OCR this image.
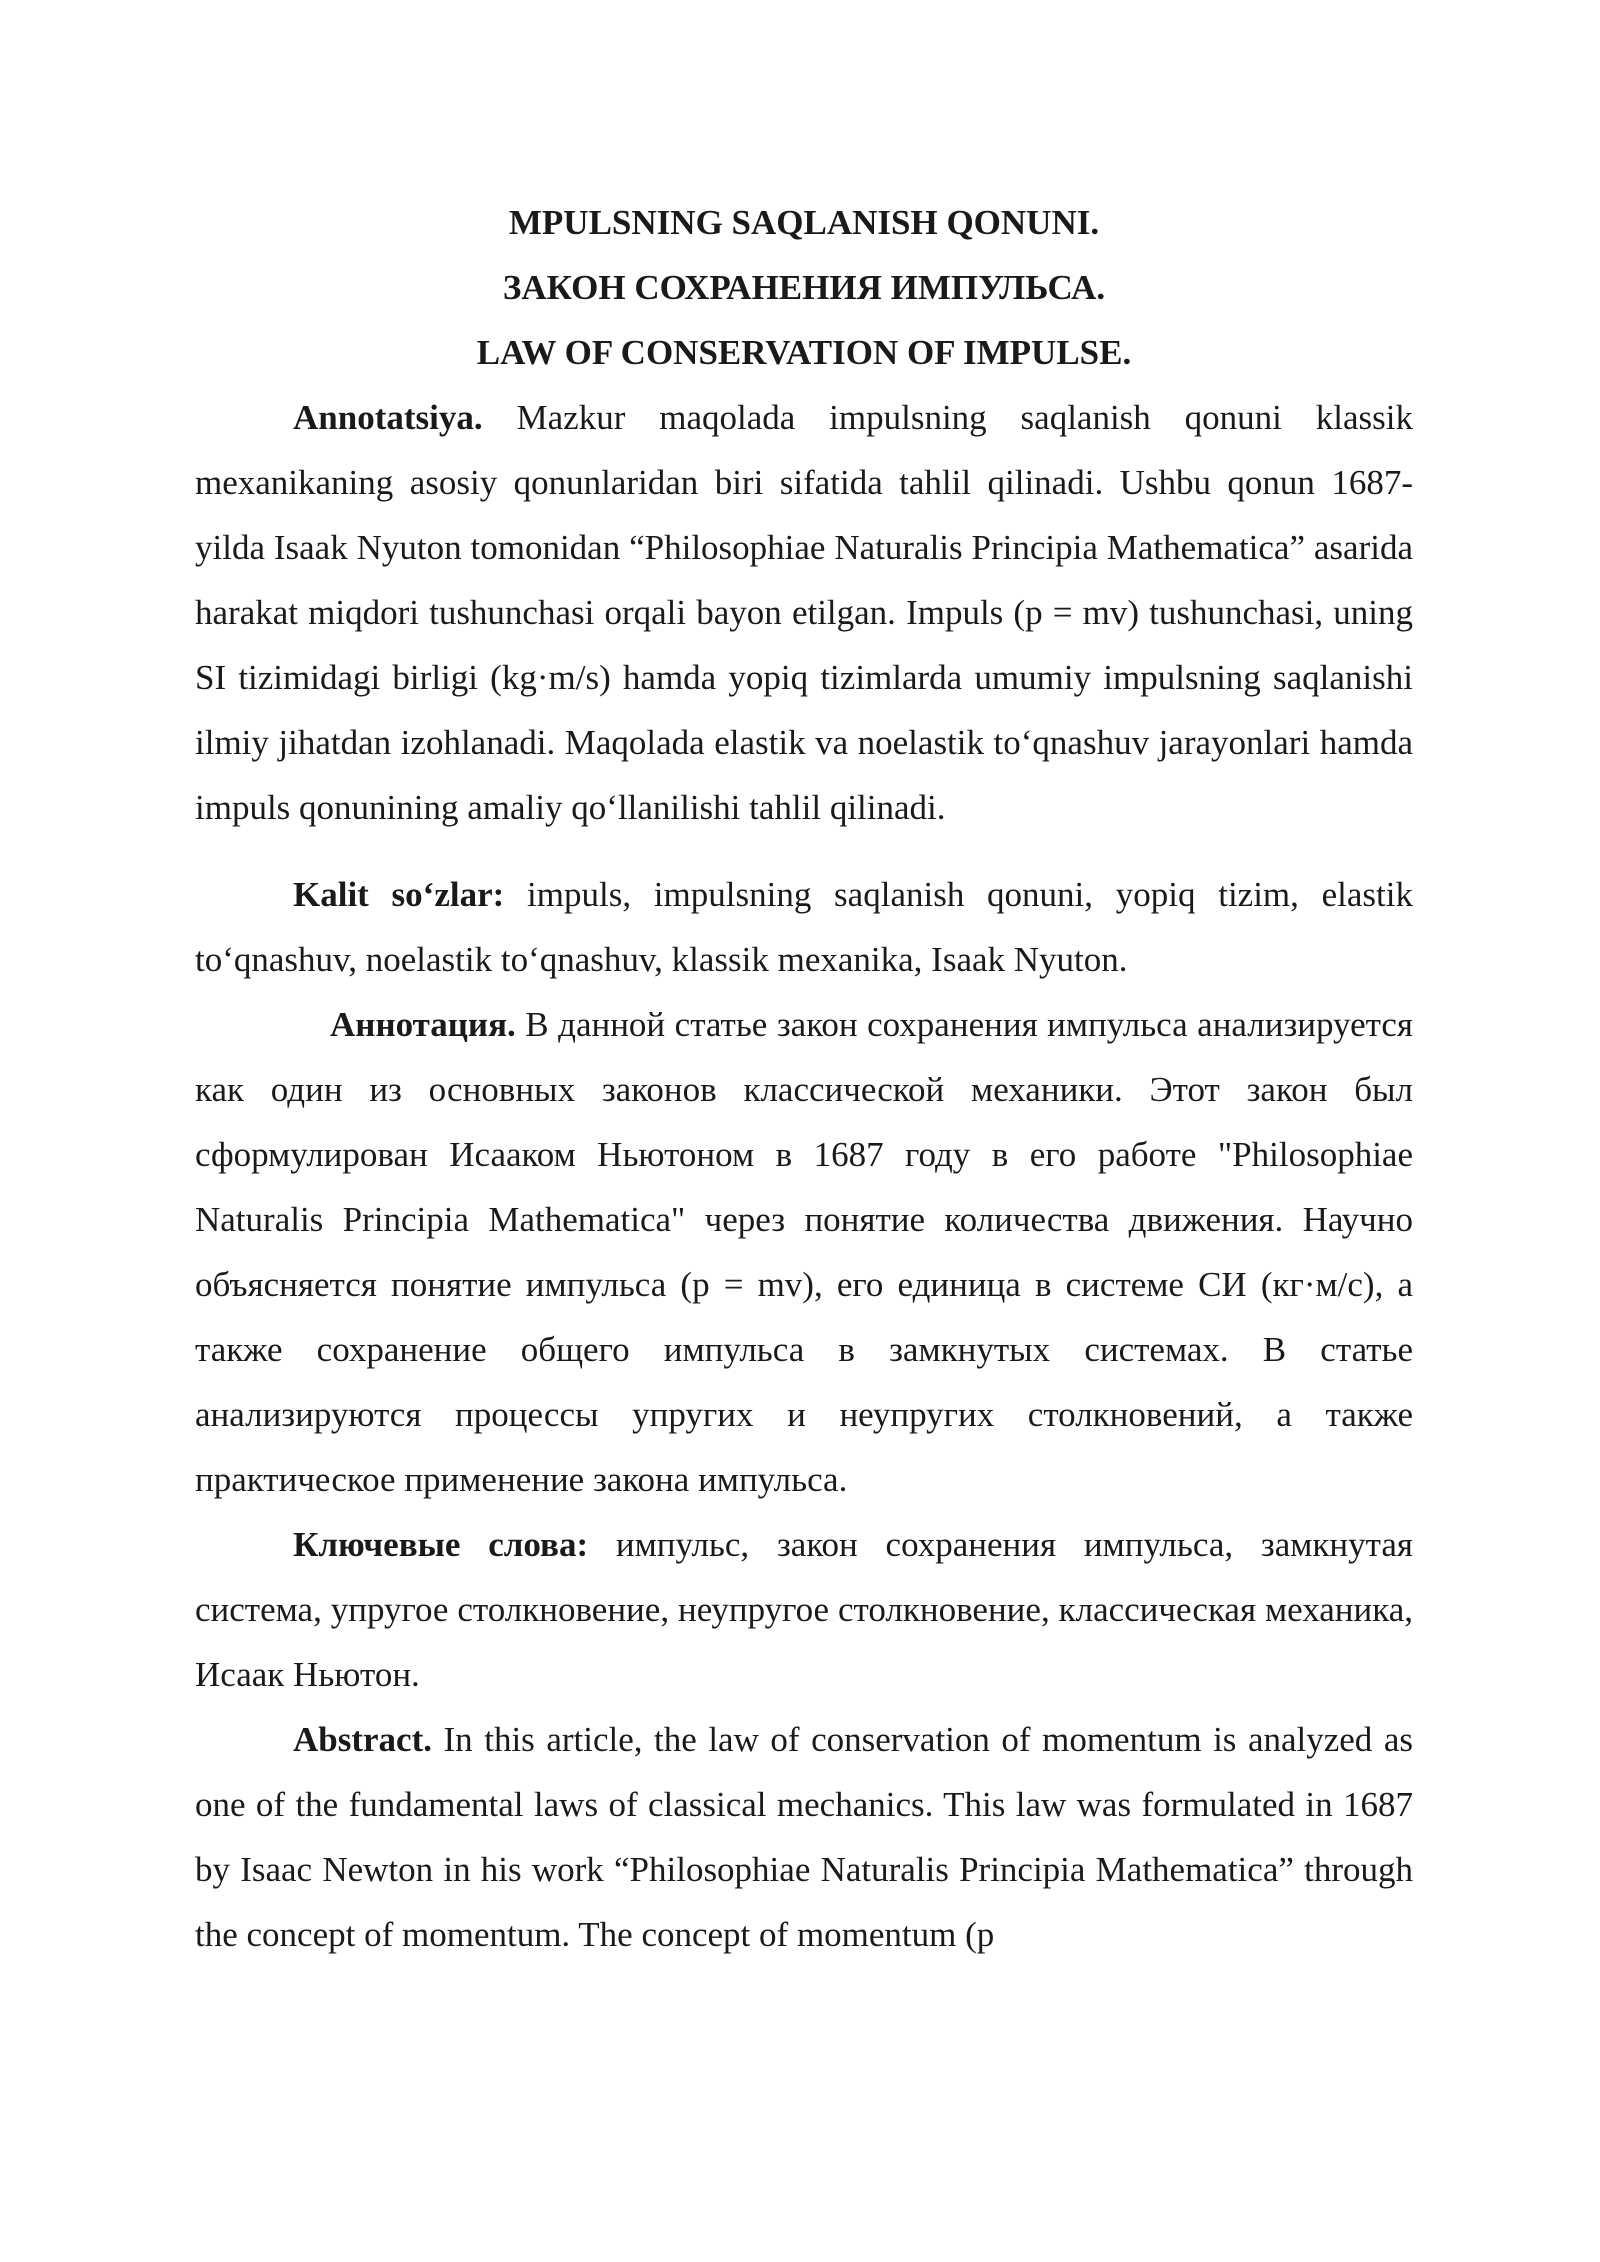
MPULSNING SAQLANISH QONUNI.

ЗАКОН СОХРАНЕНИЯ ИМПУЛЬСА.

LAW OF CONSERVATION OF IMPULSE.

Annotatsiya. Mazkur maqolada impulsning saqlanish qonuni klassik mexanikaning asosiy qonunlaridan biri sifatida tahlil qilinadi. Ushbu qonun 1687-yilda Isaak Nyuton tomonidan “Philosophiae Naturalis Principia Mathematica” asarida harakat miqdori tushunchasi orqali bayon etilgan. Impuls (p = mv) tushunchasi, uning SI tizimidagi birligi (kg·m/s) hamda yopiq tizimlarda umumiy impulsning saqlanishi ilmiy jihatdan izohlanadi. Maqolada elastik va noelastik to‘qnashuv jarayonlari hamda impuls qonunining amaliy qo‘llanilishi tahlil qilinadi.

Kalit so‘zlar: impuls, impulsning saqlanish qonuni, yopiq tizim, elastik to‘qnashuv, noelastik to‘qnashuv, klassik mexanika, Isaak Nyuton.

Аннотация. В данной статье закон сохранения импульса анализируется как один из основных законов классической механики. Этот закон был сформулирован Исааком Ньютоном в 1687 году в его работе "Philosophiae Naturalis Principia Mathematica" через понятие количества движения. Научно объясняется понятие импульса (p = mv), его единица в системе СИ (кг·м/с), а также сохранение общего импульса в замкнутых системах. В статье анализируются процессы упругих и неупругих столкновений, а также практическое применение закона импульса.

Ключевые слова: импульс, закон сохранения импульса, замкнутая система, упругое столкновение, неупругое столкновение, классическая механика, Исаак Ньютон.

Abstract. In this article, the law of conservation of momentum is analyzed as one of the fundamental laws of classical mechanics. This law was formulated in 1687 by Isaac Newton in his work “Philosophiae Naturalis Principia Mathematica” through the concept of momentum. The concept of momentum (p
